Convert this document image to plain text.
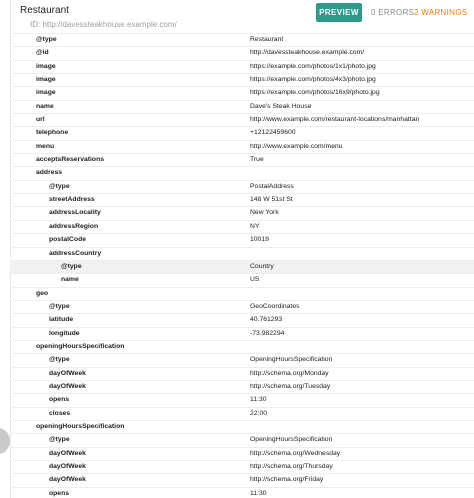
Restaurant
ID: http://davessteakhouse.example.com/
PREVIEW	0 ERRORS 2 WARNINGS
@type	Restaurant
@id	http://davessteakhouse.example.com/
image	https://example.com/photos/1x1/photo.jpg
image	https://example.com/photos/4x3/photo.jpg
image	https://example.com/photos/16x9/photo.jpg
name	Dave's Steak House
url	http://www.example.com/restaurant-locations/manhattan
telephone	+12122459600
menu	http://www.example.com/menu
acceptsReservations	True
address
@type	PostalAddress
streetAddress	148 W 51st St
addressLocality	New York
addressRegion	NY
postalCode	10019
addressCountry
@type	Country
name	US
geo
@type	GeoCoordinates
latitude	40.761293
longitude	-73.982294
openingHoursSpecification
@type	OpeningHoursSpecification
dayOfWeek	http://schema.org/Monday
dayOfWeek	http://schema.org/Tuesday
opens	11:30
closes	22:00
openingHoursSpecification
@type	OpeningHoursSpecification
dayOfWeek	http://schema.org/Wednesday
dayOfWeek	http://schema.org/Thursday
dayOfWeek	http://schema.org/Friday
opens	11:30
